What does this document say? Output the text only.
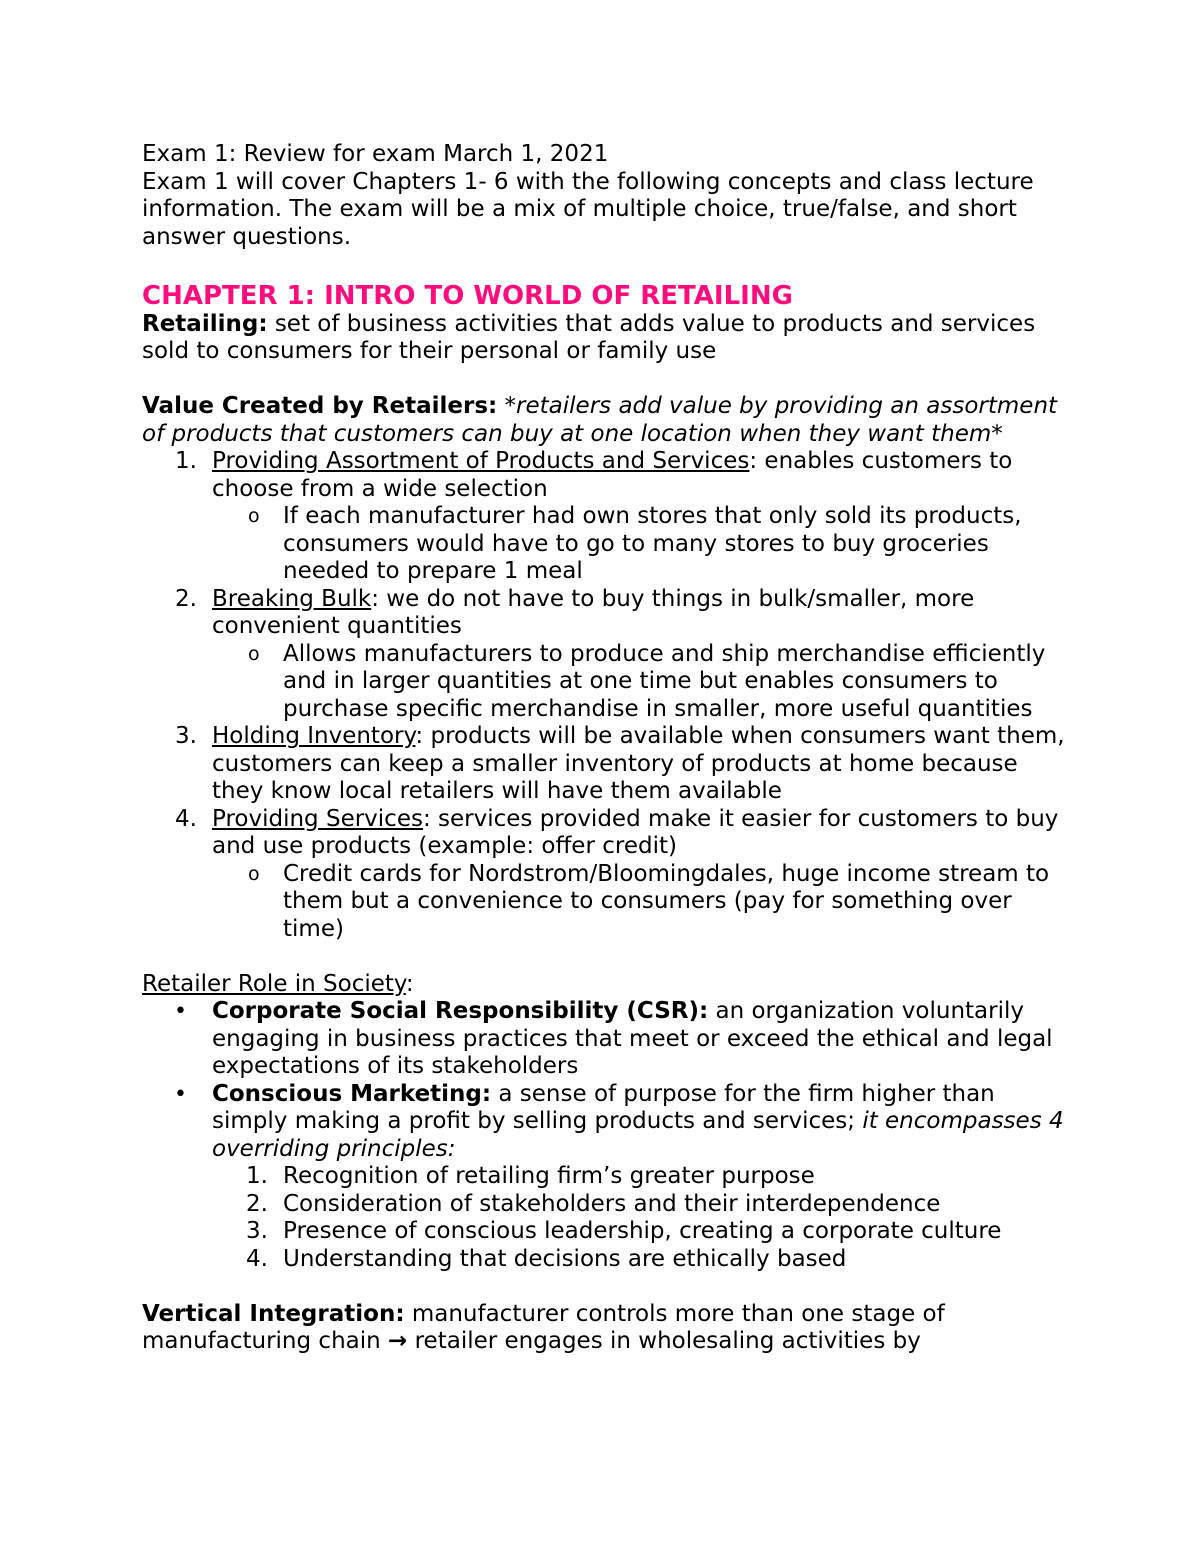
Exam 1: Review for exam March 1, 2021
Exam 1 will cover Chapters 1- 6 with the following concepts and class lecture information. The exam will be a mix of multiple choice, true/false, and short answer questions.
CHAPTER 1: INTRO TO WORLD OF RETAILING
Retailing: set of business activities that adds value to products and services sold to consumers for their personal or family use
Value Created by Retailers: *retailers add value by providing an assortment of products that customers can buy at one location when they want them*
1. Providing Assortment of Products and Services: enables customers to choose from a wide selection
o If each manufacturer had own stores that only sold its products, consumers would have to go to many stores to buy groceries needed to prepare 1 meal
2. Breaking Bulk: we do not have to buy things in bulk/smaller, more convenient quantities
o Allows manufacturers to produce and ship merchandise efficiently and in larger quantities at one time but enables consumers to purchase specific merchandise in smaller, more useful quantities
3. Holding Inventory: products will be available when consumers want them, customers can keep a smaller inventory of products at home because they know local retailers will have them available
4. Providing Services: services provided make it easier for customers to buy and use products (example: offer credit)
o Credit cards for Nordstrom/Bloomingdales, huge income stream to them but a convenience to consumers (pay for something over time)
Retailer Role in Society:
• Corporate Social Responsibility (CSR): an organization voluntarily engaging in business practices that meet or exceed the ethical and legal expectations of its stakeholders
• Conscious Marketing: a sense of purpose for the firm higher than simply making a profit by selling products and services; it encompasses 4 overriding principles:
1. Recognition of retailing firm’s greater purpose
2. Consideration of stakeholders and their interdependence
3. Presence of conscious leadership, creating a corporate culture
4. Understanding that decisions are ethically based
Vertical Integration: manufacturer controls more than one stage of manufacturing chain → retailer engages in wholesaling activities by
